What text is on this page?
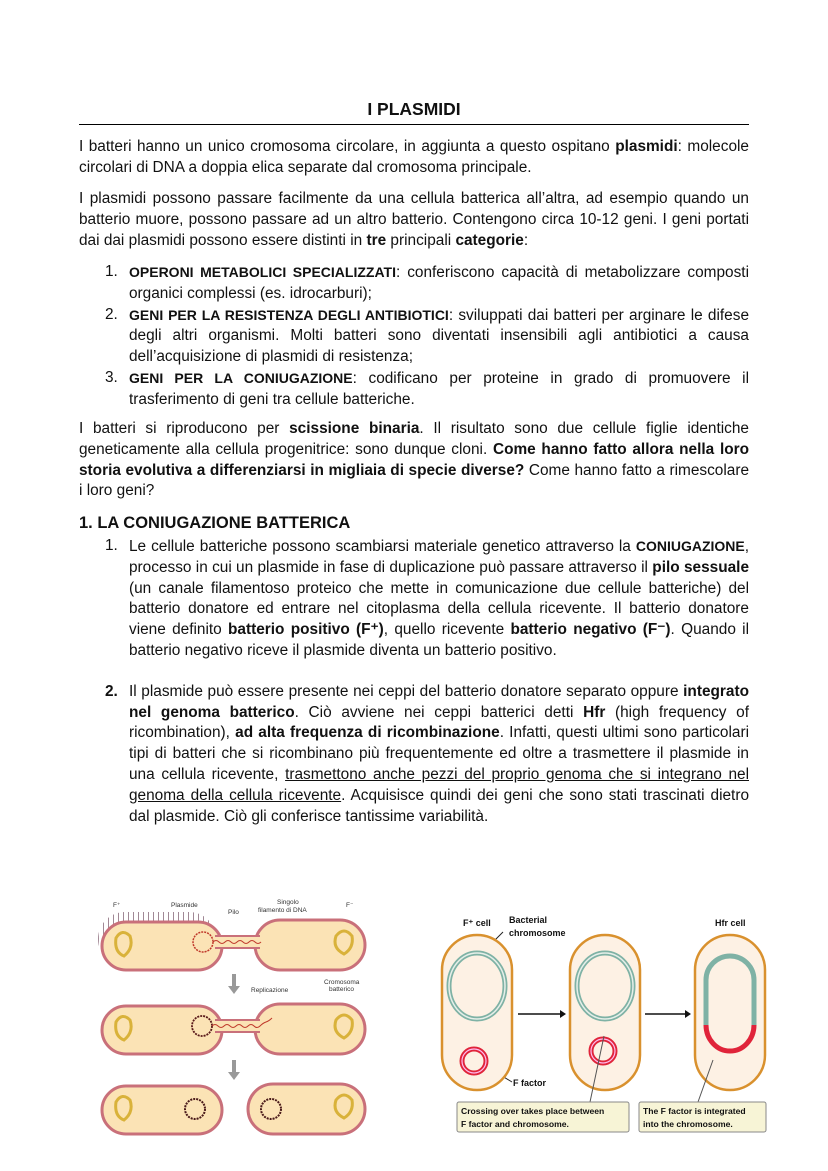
I PLASMIDI

I batteri hanno un unico cromosoma circolare, in aggiunta a questo ospitano plasmidi: molecole circolari di DNA a doppia elica separate dal cromosoma principale.

I plasmidi possono passare facilmente da una cellula batterica all’altra, ad esempio quando un batterio muore, possono passare ad un altro batterio. Contengono circa 10-12 geni. I geni portati dai dai plasmidi possono essere distinti in tre principali categorie:

1. OPERONI METABOLICI SPECIALIZZATI: conferiscono capacità di metabolizzare composti organici complessi (es. idrocarburi);
2. GENI PER LA RESISTENZA DEGLI ANTIBIOTICI: sviluppati dai batteri per arginare le difese degli altri organismi. Molti batteri sono diventati insensibili agli antibiotici a causa dell’acquisizione di plasmidi di resistenza;
3. GENI PER LA CONIUGAZIONE: codificano per proteine in grado di promuovere il trasferimento di geni tra cellule batteriche.

I batteri si riproducono per scissione binaria. Il risultato sono due cellule figlie identiche geneticamente alla cellula progenitrice: sono dunque cloni. Come hanno fatto allora nella loro storia evolutiva a differenziarsi in migliaia di specie diverse? Come hanno fatto a rimescolare i loro geni?

1. LA CONIUGAZIONE BATTERICA
1. Le cellule batteriche possono scambiarsi materiale genetico attraverso la CONIUGAZIONE, processo in cui un plasmide in fase di duplicazione può passare attraverso il pilo sessuale (un canale filamentoso proteico che mette in comunicazione due cellule batteriche) del batterio donatore ed entrare nel citoplasma della cellula ricevente. Il batterio donatore viene definito batterio positivo (F⁺), quello ricevente batterio negativo (F⁻). Quando il batterio negativo riceve il plasmide diventa un batterio positivo.
2. Il plasmide può essere presente nei ceppi del batterio donatore separato oppure integrato nel genoma batterico. Ciò avviene nei ceppi batterici detti Hfr (high frequency of ricombination), ad alta frequenza di ricombinazione. Infatti, questi ultimi sono particolari tipi di batteri che si ricombinano più frequentemente ed oltre a trasmettere il plasmide in una cellula ricevente, trasmettono anche pezzi del proprio genoma che si integrano nel genoma della cellula ricevente. Acquisisce quindi dei geni che sono stati trascinati dietro dal plasmide. Ciò gli conferisce tantissime variabilità.
F⁺	Plasmide
Pilo
Singolo
filamento di DNA
F⁻
Cromosoma
batterico
Replicazione
F⁺ cell Bacterial
chromosome
Hfr cell
F factor
Crossing over takes place between
F factor and chromosome.
The F factor is integrated
into the chromosome.
